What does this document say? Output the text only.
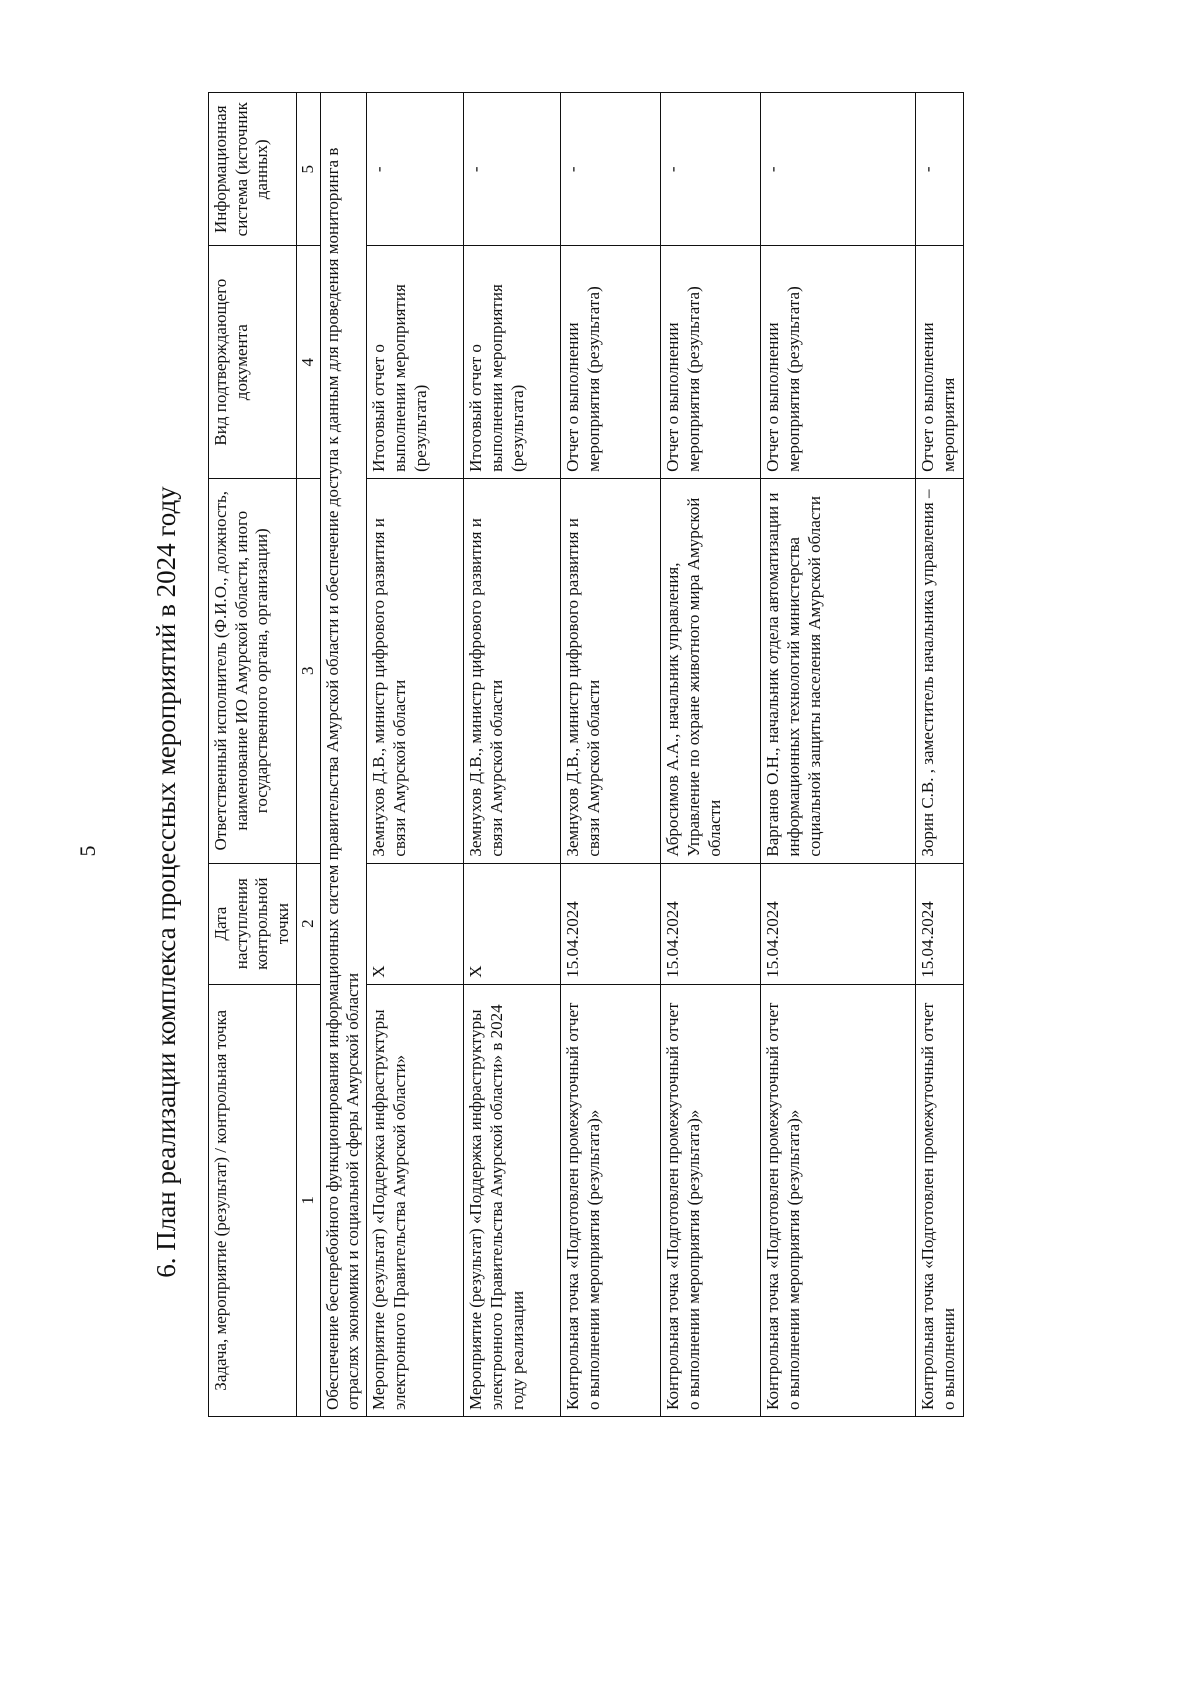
5 6. План реализации комплекса процессных мероприятий в 2024 году Задача, мероприятие (результат) / контрольная точка	Дата наступления контрольной точки	Ответственный исполнитель (Ф.И.О., должность, наименование ИО Амурской области, иного государственного органа, организации)	Вид подтверждающего документа	Информационная система (источник данных)
1	2	3	4	5
Обеспечение бесперебойного функционирования информационных систем правительства Амурской области и обеспечение доступа к данным для проведения мониторинга в отраслях экономики и социальной сферы Амурской области				
Мероприятие (результат) «Поддержка инфраструктуры электронного Правительства Амурской области»	Х	Земнухов Д.В., министр цифрового развития и связи Амурской области	Итоговый отчет о выполнении мероприятия (результата)	-
Мероприятие (результат) «Поддержка инфраструктуры электронного Правительства Амурской области» в 2024 году реализации	Х	Земнухов Д.В., министр цифрового развития и связи Амурской области	Итоговый отчет о выполнении мероприятия (результата)	-
Контрольная точка «Подготовлен промежуточный отчет о выполнении мероприятия (результата)»	15.04.2024	Земнухов Д.В., министр цифрового развития и связи Амурской области	Отчет о выполнении мероприятия (результата)	-
Контрольная точка «Подготовлен промежуточный отчет о выполнении мероприятия (результата)»	15.04.2024	Абросимов А.А., начальник управления, Управление по охране животного мира Амурской области	Отчет о выполнении мероприятия (результата)	-
Контрольная точка «Подготовлен промежуточный отчет о выполнении мероприятия (результата)»	15.04.2024	Варганов О.Н., начальник отдела автоматизации и информационных технологий министерства социальной защиты населения Амурской области	Отчет о выполнении мероприятия (результата)	-
Контрольная точка «Подготовлен промежуточный отчет о выполнении	15.04.2024	Зорин С.В. , заместитель начальника управления –	Отчет о выполнении мероприятия	-
